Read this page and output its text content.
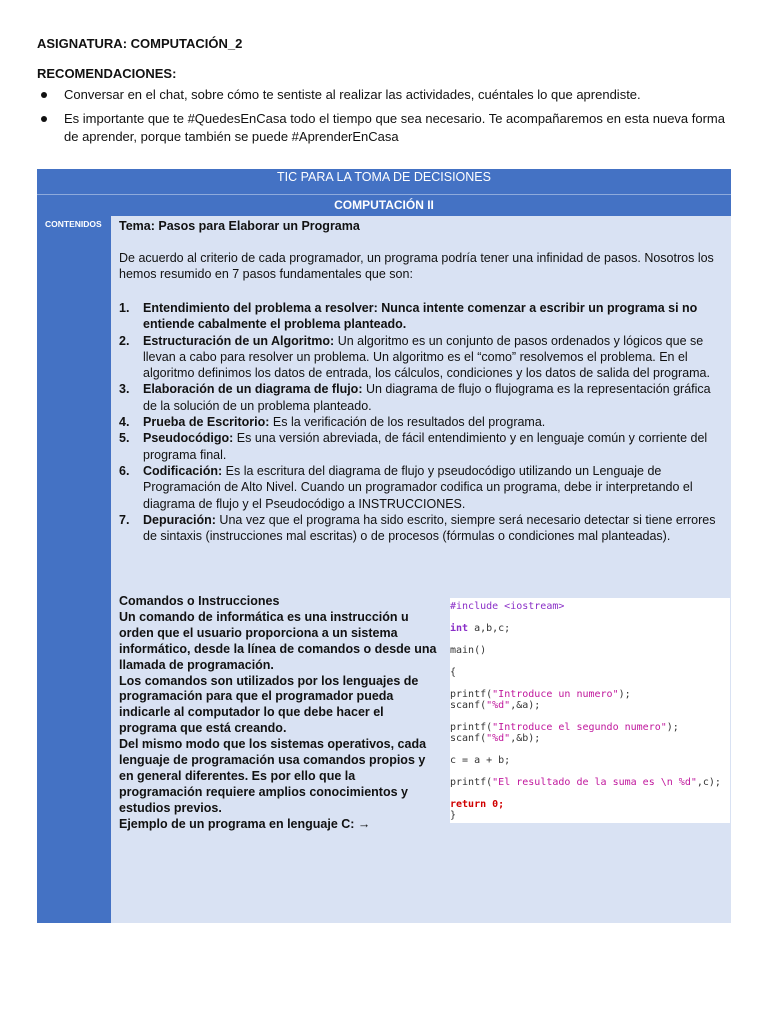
ASIGNATURA: COMPUTACIÓN_2
RECOMENDACIONES:
Conversar en el chat, sobre cómo te sentiste al realizar las actividades, cuéntales lo que aprendiste.
Es importante que te #QuedesEnCasa todo el tiempo que sea necesario. Te acompañaremos en esta nueva forma de aprender, porque también se puede #AprenderEnCasa
TIC PARA LA TOMA DE DECISIONES
COMPUTACIÓN II
CONTENIDOS Tema: Pasos para Elaborar un Programa
De acuerdo al criterio de cada programador, un programa podría tener una infinidad de pasos. Nosotros los hemos resumido en 7 pasos fundamentales que son:
1. Entendimiento del problema a resolver: Nunca intente comenzar a escribir un programa si no entiende cabalmente el problema planteado.
2. Estructuración de un Algoritmo: Un algoritmo es un conjunto de pasos ordenados y lógicos que se llevan a cabo para resolver un problema. Un algoritmo es el “como” resolvemos el problema. En el algoritmo definimos los datos de entrada, los cálculos, condiciones y los datos de salida del programa.
3. Elaboración de un diagrama de flujo: Un diagrama de flujo o flujograma es la representación gráfica de la solución de un problema planteado.
4. Prueba de Escritorio: Es la verificación de los resultados del programa.
5. Pseudocódigo: Es una versión abreviada, de fácil entendimiento y en lenguaje común y corriente del programa final.
6. Codificación: Es la escritura del diagrama de flujo y pseudocódigo utilizando un Lenguaje de Programación de Alto Nivel. Cuando un programador codifica un programa, debe ir interpretando el diagrama de flujo y el Pseudocódigo a INSTRUCCIONES.
7. Depuración: Una vez que el programa ha sido escrito, siempre será necesario detectar si tiene errores de sintaxis (instrucciones mal escritas) o de procesos (fórmulas o condiciones mal planteadas).

Comandos o Instrucciones

Un comando de informática es una instrucción u orden que el usuario proporciona a un sistema informático, desde la línea de comandos o desde una llamada de programación.

Los comandos son utilizados por los lenguajes de programación para que el programador pueda indicarle al computador lo que debe hacer el programa que está creando.

Del mismo modo que los sistemas operativos, cada lenguaje de programación usa comandos propios y en general diferentes. Es por ello que la programación requiere amplios conocimientos y estudios previos.

Ejemplo de un programa en lenguaje C: →

#include <iostream>
int a,b,c;
main()
{
printf("Introduce un numero");
scanf("%d",&a);
printf("Introduce el segundo numero");
scanf("%d",&b);
c = a + b;
printf("El resultado de la suma es \n %d",c);
return 0;
}
